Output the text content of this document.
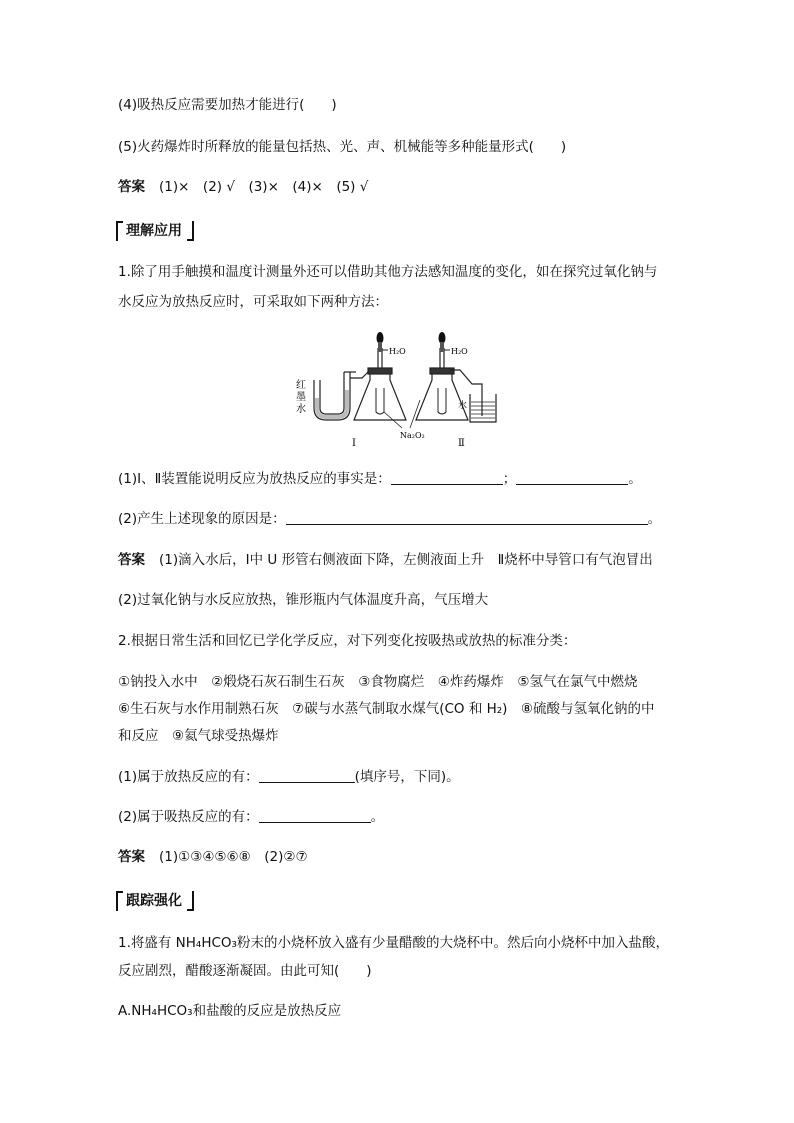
(4)吸热反应需要加热才能进行(　　)
(5)火药爆炸时所释放的能量包括热、光、声、机械能等多种能量形式(　　)
答案 (1)×　(2) √　(3)×　(4)×　(5) √
理解应用
1.除了用手触摸和温度计测量外还可以借助其他方法感知温度的变化，如在探究过氧化钠与
水反应为放热反应时，可采取如下两种方法：
红
墨
水
H₂O
Na₂O₂
Ⅰ
H₂O
水
Ⅱ
(1)Ⅰ、Ⅱ装置能说明反应为放热反应的事实是：	；	。
(2)产生上述现象的原因是：	。
答案 (1)滴入水后，Ⅰ中 U 形管右侧液面下降，左侧液面上升　Ⅱ烧杯中导管口有气泡冒出
(2)过氧化钠与水反应放热，锥形瓶内气体温度升高，气压增大
2.根据日常生活和回忆已学化学反应，对下列变化按吸热或放热的标准分类：
①钠投入水中　②煅烧石灰石制生石灰　③食物腐烂　④炸药爆炸　⑤氢气在氯气中燃烧
⑥生石灰与水作用制熟石灰　⑦碳与水蒸气制取水煤气(CO 和 H₂)　⑧硫酸与氢氧化钠的中
和反应　⑨氦气球受热爆炸
(1)属于放热反应的有：	(填序号，下同)。
(2)属于吸热反应的有：	。
答案 (1)①③④⑤⑥⑧　(2)②⑦
跟踪强化
1.将盛有 NH₄HCO₃粉末的小烧杯放入盛有少量醋酸的大烧杯中。然后向小烧杯中加入盐酸，
反应剧烈，醋酸逐渐凝固。由此可知(　　)
A.NH₄HCO₃和盐酸的反应是放热反应
